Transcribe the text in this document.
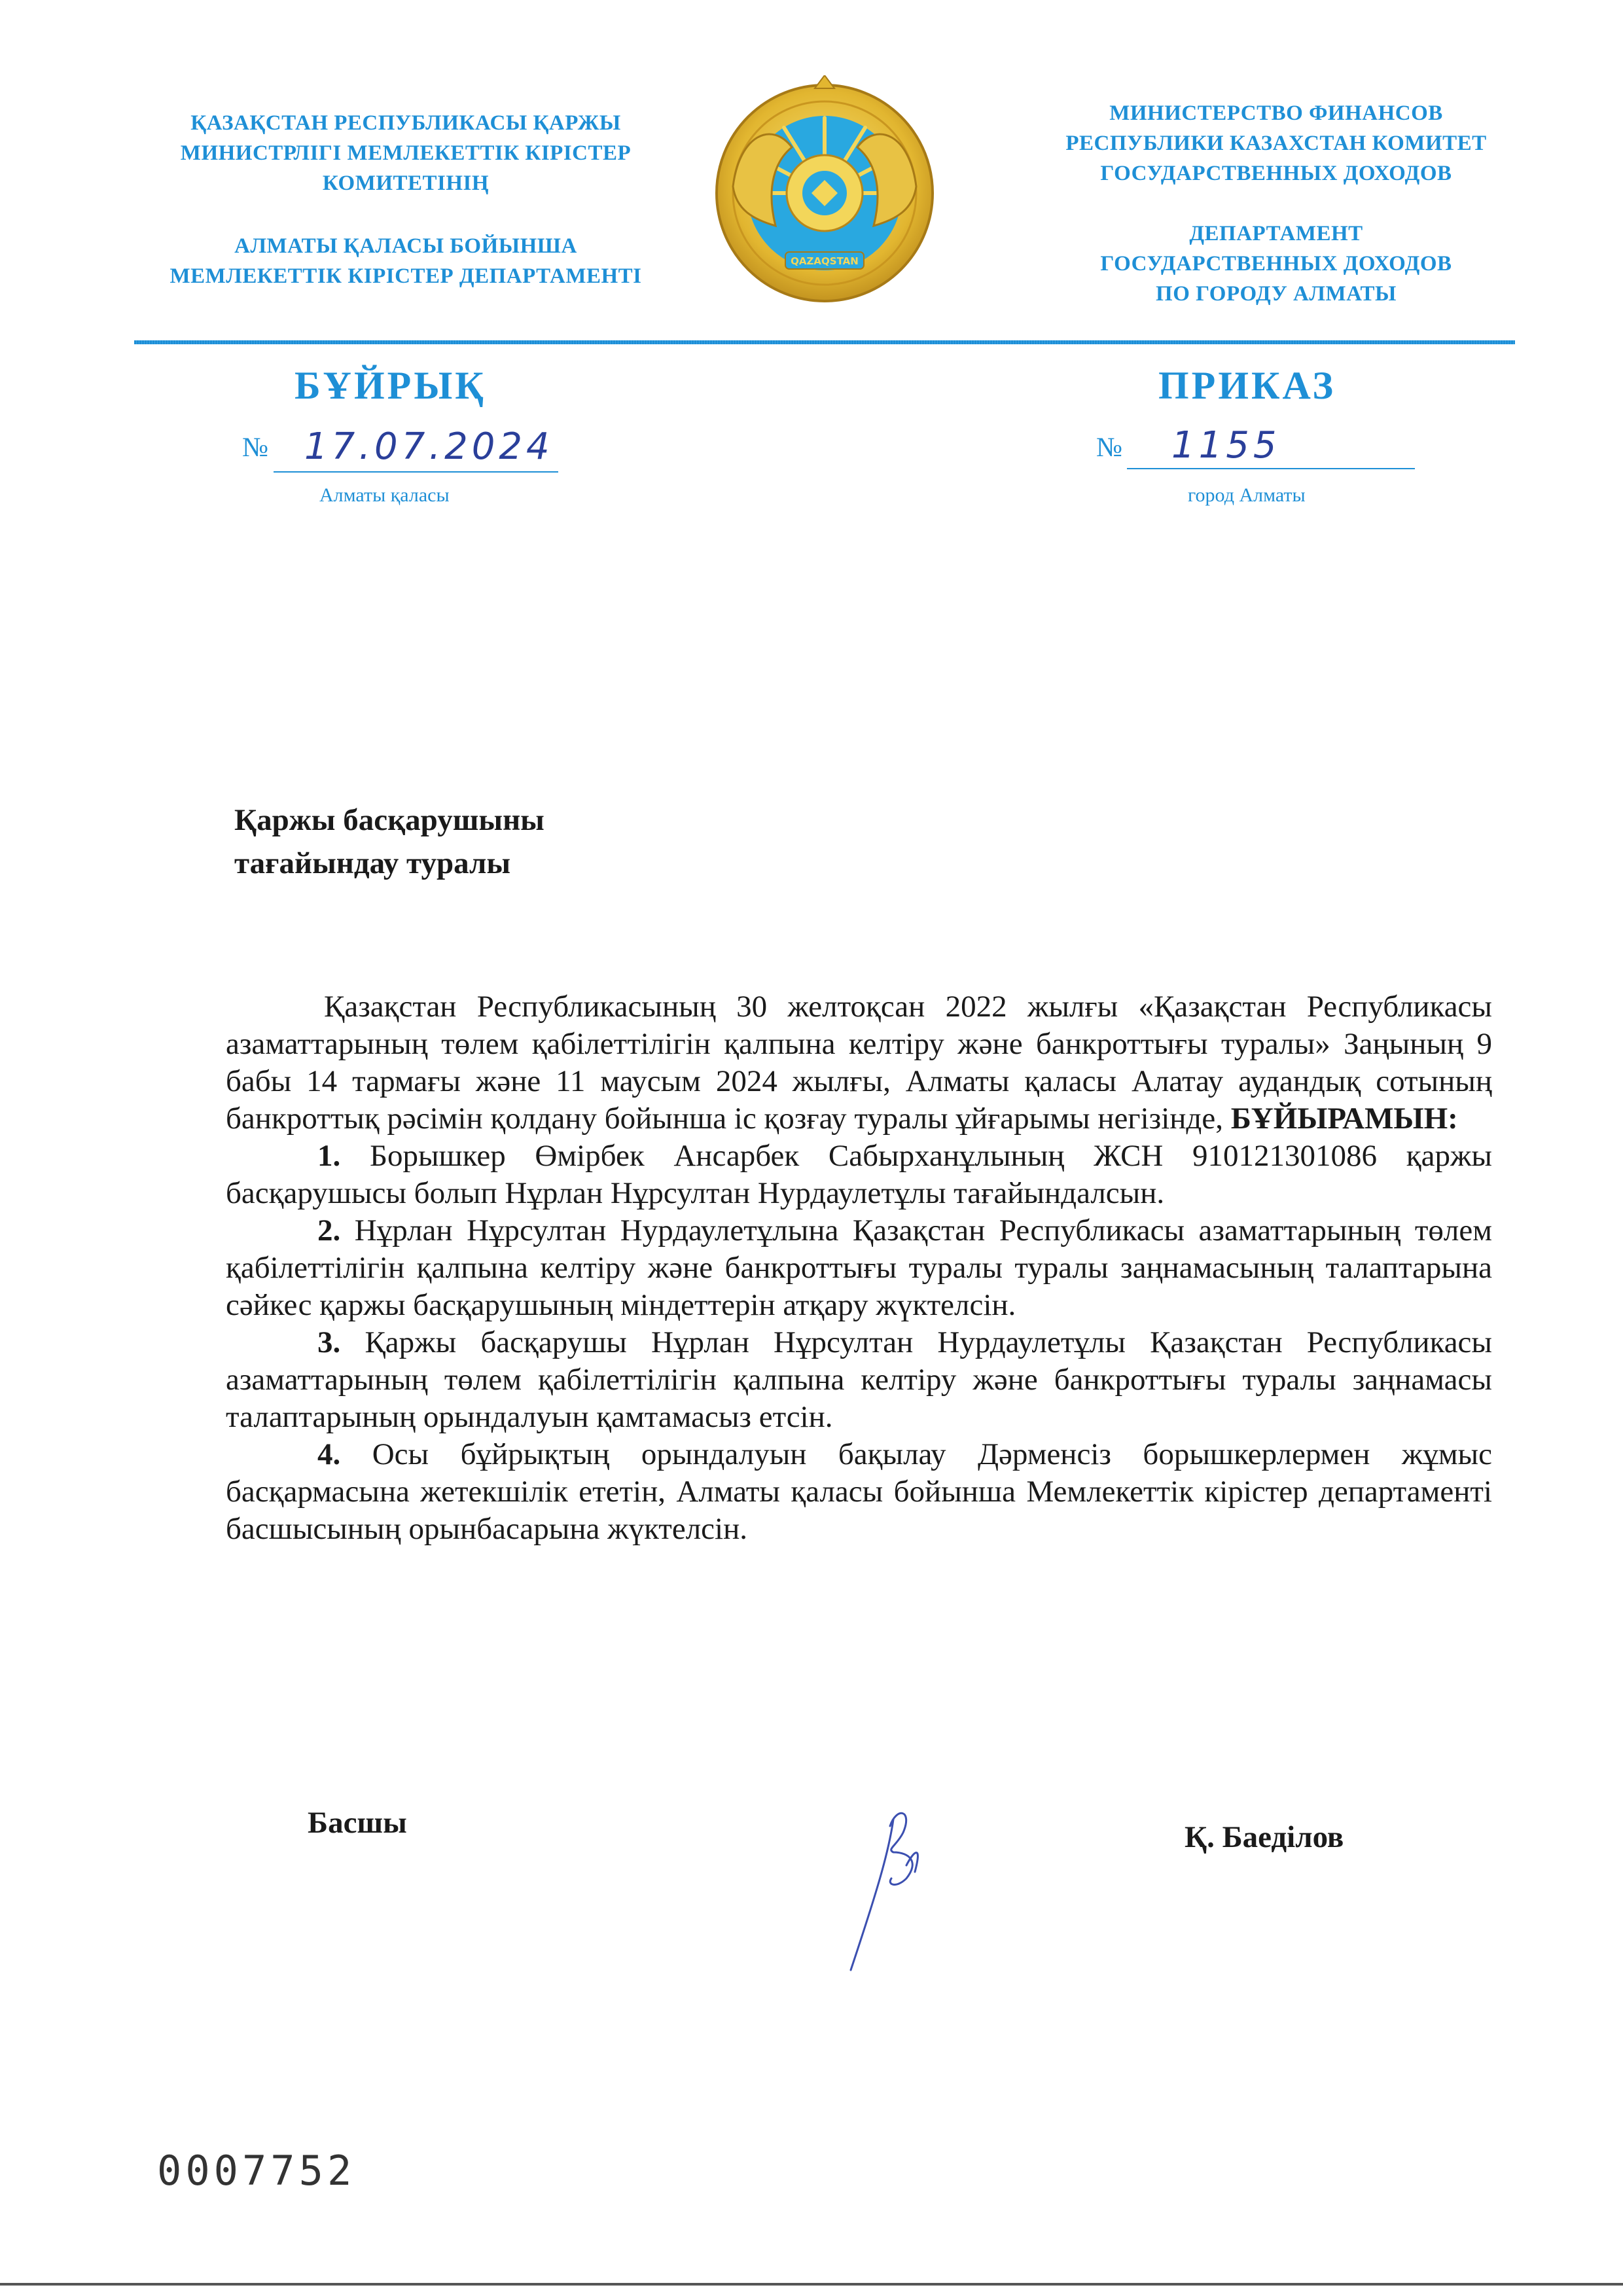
ҚАЗАҚСТАН РЕСПУБЛИКАСЫ ҚАРЖЫ
МИНИСТРЛІГІ МЕМЛЕКЕТТІК КІРІСТЕР
КОМИТЕТІНІҢ
АЛМАТЫ ҚАЛАСЫ БОЙЫНША
МЕМЛЕКЕТТІК КІРІСТЕР ДЕПАРТАМЕНТІ
QAZAQSTAN
МИНИСТЕРСТВО ФИНАНСОВ
РЕСПУБЛИКИ КАЗАХСТАН КОМИТЕТ
ГОСУДАРСТВЕННЫХ ДОХОДОВ
ДЕПАРТАМЕНТ
ГОСУДАРСТВЕННЫХ ДОХОДОВ
ПО ГОРОДУ АЛМАТЫ
БҰЙРЫҚ	ПРИКАЗ
№ 17.07.2024	№ 1155
Алматы қаласы	город Алматы
Қаржы басқарушыны
тағайындау туралы

Қазақстан Республикасының 30 желтоқсан 2022 жылғы «Қазақстан Республикасы азаматтарының төлем қабілеттілігін қалпына келтіру және банкроттығы туралы» Заңының 9 бабы 14 тармағы және 11 маусым 2024 жылғы, Алматы қаласы Алатау аудандық сотының банкроттық рәсімін қолдану бойынша іс қозғау туралы ұйғарымы негізінде, БҰЙЫРАМЫН:

1. Борышкер Өмірбек Ансарбек Сабырханұлының ЖСН 910121301086 қаржы басқарушысы болып Нұрлан Нұрсултан Нурдаулетұлы тағайындалсын.

2. Нұрлан Нұрсултан Нурдаулетұлына Қазақстан Республикасы азаматтарының төлем қабілеттілігін қалпына келтіру және банкроттығы туралы туралы заңнамасының талаптарына сәйкес қаржы басқарушының міндеттерін атқару жүктелсін.

3. Қаржы басқарушы Нұрлан Нұрсултан Нурдаулетұлы Қазақстан Республикасы азаматтарының төлем қабілеттілігін қалпына келтіру және банкроттығы туралы заңнамасы талаптарының орындалуын қамтамасыз етсін.

4. Осы бұйрықтың орындалуын бақылау Дәрменсіз борышкерлермен жұмыс басқармасына жетекшілік ететін, Алматы қаласы бойынша Мемлекеттік кірістер департаменті басшысының орынбасарына жүктелсін.

Басшы	Қ. Баеділов
0007752
